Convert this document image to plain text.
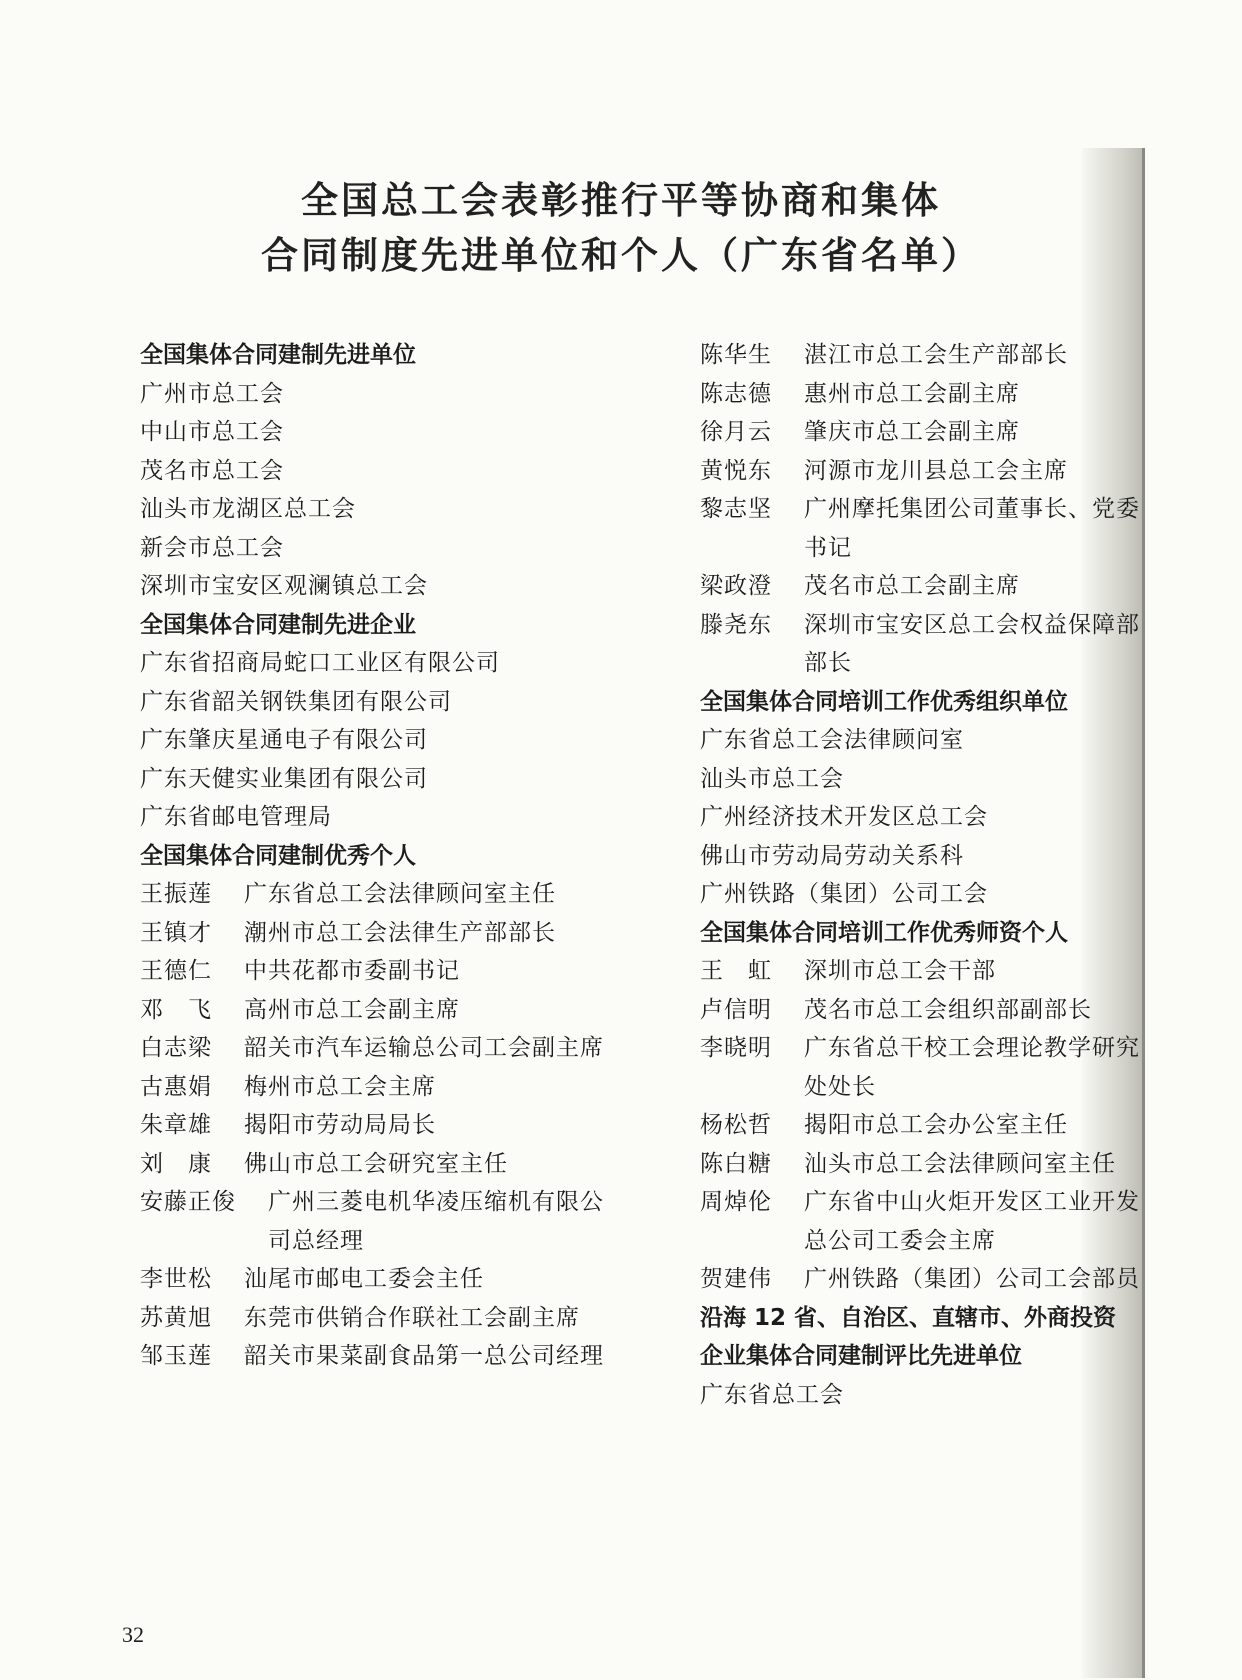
全国总工会表彰推行平等协商和集体
合同制度先进单位和个人（广东省名单）
全国集体合同建制先进单位
广州市总工会
中山市总工会
茂名市总工会
汕头市龙湖区总工会
新会市总工会
深圳市宝安区观澜镇总工会
全国集体合同建制先进企业
广东省招商局蛇口工业区有限公司
广东省韶关钢铁集团有限公司
广东肇庆星通电子有限公司
广东天健实业集团有限公司
广东省邮电管理局
全国集体合同建制优秀个人
王振莲	广东省总工会法律顾问室主任
王镇才	潮州市总工会法律生产部部长
王德仁	中共花都市委副书记
邓　飞	高州市总工会副主席
白志梁	韶关市汽车运输总公司工会副主席
古惠娟	梅州市总工会主席
朱章雄	揭阳市劳动局局长
刘　康	佛山市总工会研究室主任
安藤正俊	广州三菱电机华凌压缩机有限公司总经理
李世松	汕尾市邮电工委会主任
苏黄旭	东莞市供销合作联社工会副主席
邹玉莲	韶关市果菜副食品第一总公司经理
陈华生	湛江市总工会生产部部长
陈志德	惠州市总工会副主席
徐月云	肇庆市总工会副主席
黄悦东	河源市龙川县总工会主席
黎志坚	广州摩托集团公司董事长、党委书记
梁政澄	茂名市总工会副主席
滕尧东	深圳市宝安区总工会权益保障部部长
全国集体合同培训工作优秀组织单位
广东省总工会法律顾问室
汕头市总工会
广州经济技术开发区总工会
佛山市劳动局劳动关系科
广州铁路（集团）公司工会
全国集体合同培训工作优秀师资个人
王　虹	深圳市总工会干部
卢信明	茂名市总工会组织部副部长
李晓明	广东省总干校工会理论教学研究处处长
杨松哲	揭阳市总工会办公室主任
陈白糖	汕头市总工会法律顾问室主任
周焯伦	广东省中山火炬开发区工业开发总公司工委会主席
贺建伟	广州铁路（集团）公司工会部员
沿海 12 省、自治区、直辖市、外商投资
企业集体合同建制评比先进单位
广东省总工会
32
